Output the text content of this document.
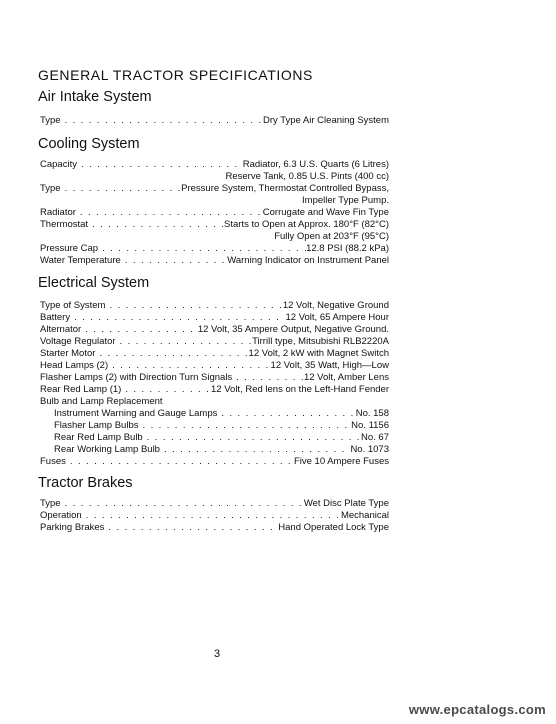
GENERAL TRACTOR SPECIFICATIONS
Air Intake System
Type . . .	Dry Type Air Cleaning System
Cooling System
Capacity . . .	Radiator, 6.3 U.S. Quarts (6 Litres)
Reserve Tank, 0.85 U.S. Pints (400 cc)
Type . . .	Pressure System, Thermostat Controlled Bypass,
Impeller Type Pump.
Radiator . . .	Corrugate and Wave Fin Type
Thermostat . . .	Starts to Open at Approx. 180°F (82°C)
Fully Open at 203°F (95°C)
Pressure Cap . . .	12.8 PSI (88.2 kPa)
Water Temperature . . .	Warning Indicator on Instrument Panel
Electrical System
Type of System . . .	12 Volt, Negative Ground
Battery . . .	12 Volt, 65 Ampere Hour
Alternator . . .	12 Volt, 35 Ampere Output, Negative Ground.
Voltage Regulator . . .	Tirrill type, Mitsubishi RLB2220A
Starter Motor . . .	12 Volt, 2 kW with Magnet Switch
Head Lamps (2) . . .	12 Volt, 35 Watt, High—Low
Flasher Lamps (2) with Direction Turn Signals . . .	12 Volt, Amber Lens
Rear Red Lamp (1) . . .	12 Volt, Red lens on the Left-Hand Fender
Bulb and Lamp Replacement
Instrument Warning and Gauge Lamps . . .	No. 158
Flasher Lamp Bulbs . . .	No. 1156
Rear Red Lamp Bulb . . .	No. 67
Rear Working Lamp Bulb . . .	No. 1073
Fuses . . .	Five 10 Ampere Fuses
Tractor Brakes
Type . . .	Wet Disc Plate Type
Operation . . .	Mechanical
Parking Brakes . . .	Hand Operated Lock Type
3
www.epcatalogs.com
